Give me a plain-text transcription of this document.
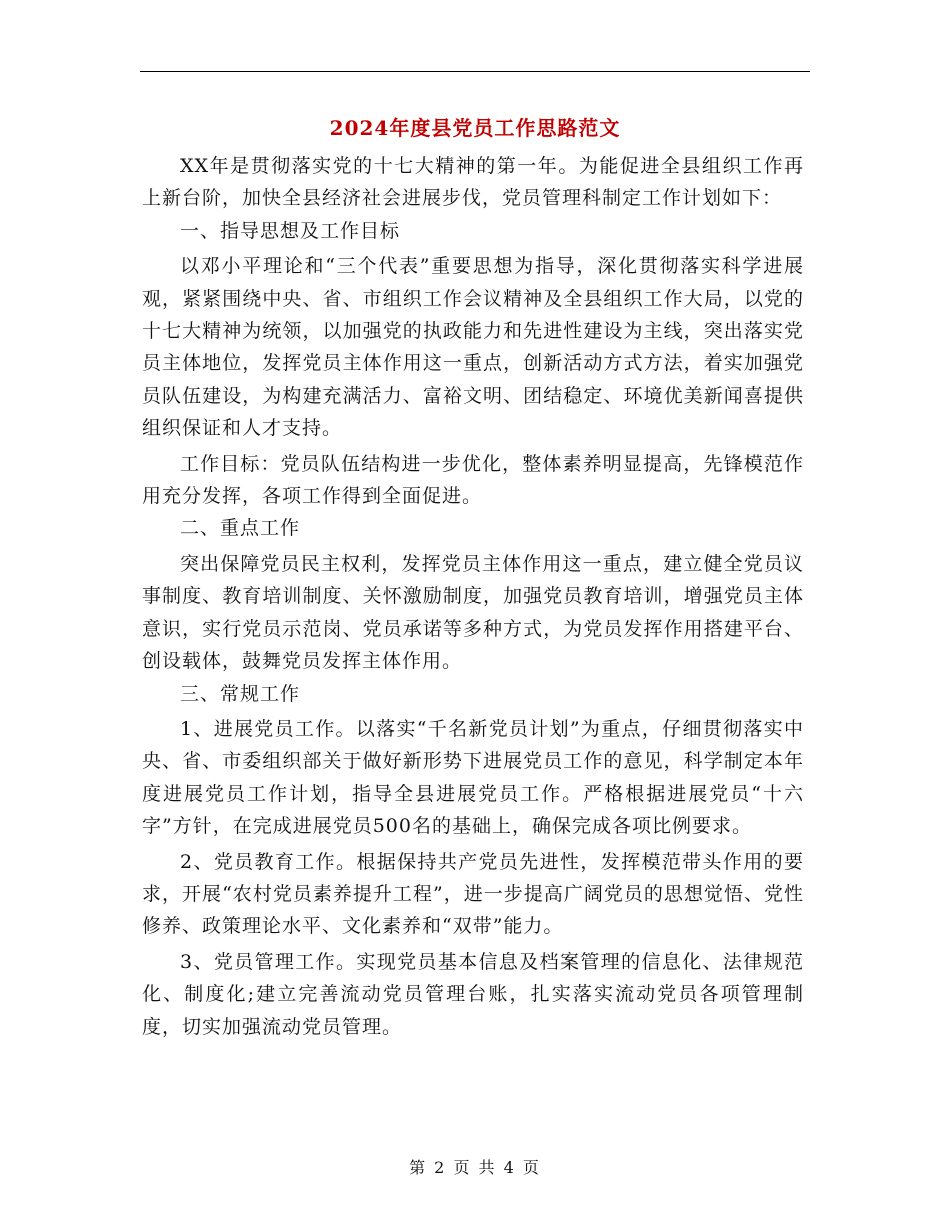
2024年度县党员工作思路范文

XX年是贯彻落实党的十七大精神的第一年。为能促进全县组织工作再上新台阶，加快全县经济社会进展步伐，党员管理科制定工作计划如下：

一、指导思想及工作目标

以邓小平理论和“三个代表”重要思想为指导，深化贯彻落实科学进展观，紧紧围绕中央、省、市组织工作会议精神及全县组织工作大局，以党的十七大精神为统领，以加强党的执政能力和先进性建设为主线，突出落实党员主体地位，发挥党员主体作用这一重点，创新活动方式方法，着实加强党员队伍建设，为构建充满活力、富裕文明、团结稳定、环境优美新闻喜提供组织保证和人才支持。

工作目标：党员队伍结构进一步优化，整体素养明显提高，先锋模范作用充分发挥，各项工作得到全面促进。

二、重点工作

突出保障党员民主权利，发挥党员主体作用这一重点，建立健全党员议事制度、教育培训制度、关怀激励制度，加强党员教育培训，增强党员主体意识，实行党员示范岗、党员承诺等多种方式，为党员发挥作用搭建平台、创设载体，鼓舞党员发挥主体作用。

三、常规工作

1、进展党员工作。以落实“千名新党员计划”为重点，仔细贯彻落实中央、省、市委组织部关于做好新形势下进展党员工作的意见，科学制定本年度进展党员工作计划，指导全县进展党员工作。严格根据进展党员“十六字”方针，在完成进展党员500名的基础上，确保完成各项比例要求。

2、党员教育工作。根据保持共产党员先进性，发挥模范带头作用的要求，开展“农村党员素养提升工程”，进一步提高广阔党员的思想觉悟、党性修养、政策理论水平、文化素养和“双带”能力。

3、党员管理工作。实现党员基本信息及档案管理的信息化、法律规范化、制度化;建立完善流动党员管理台账，扎实落实流动党员各项管理制度，切实加强流动党员管理。

第 2 页 共 4 页
